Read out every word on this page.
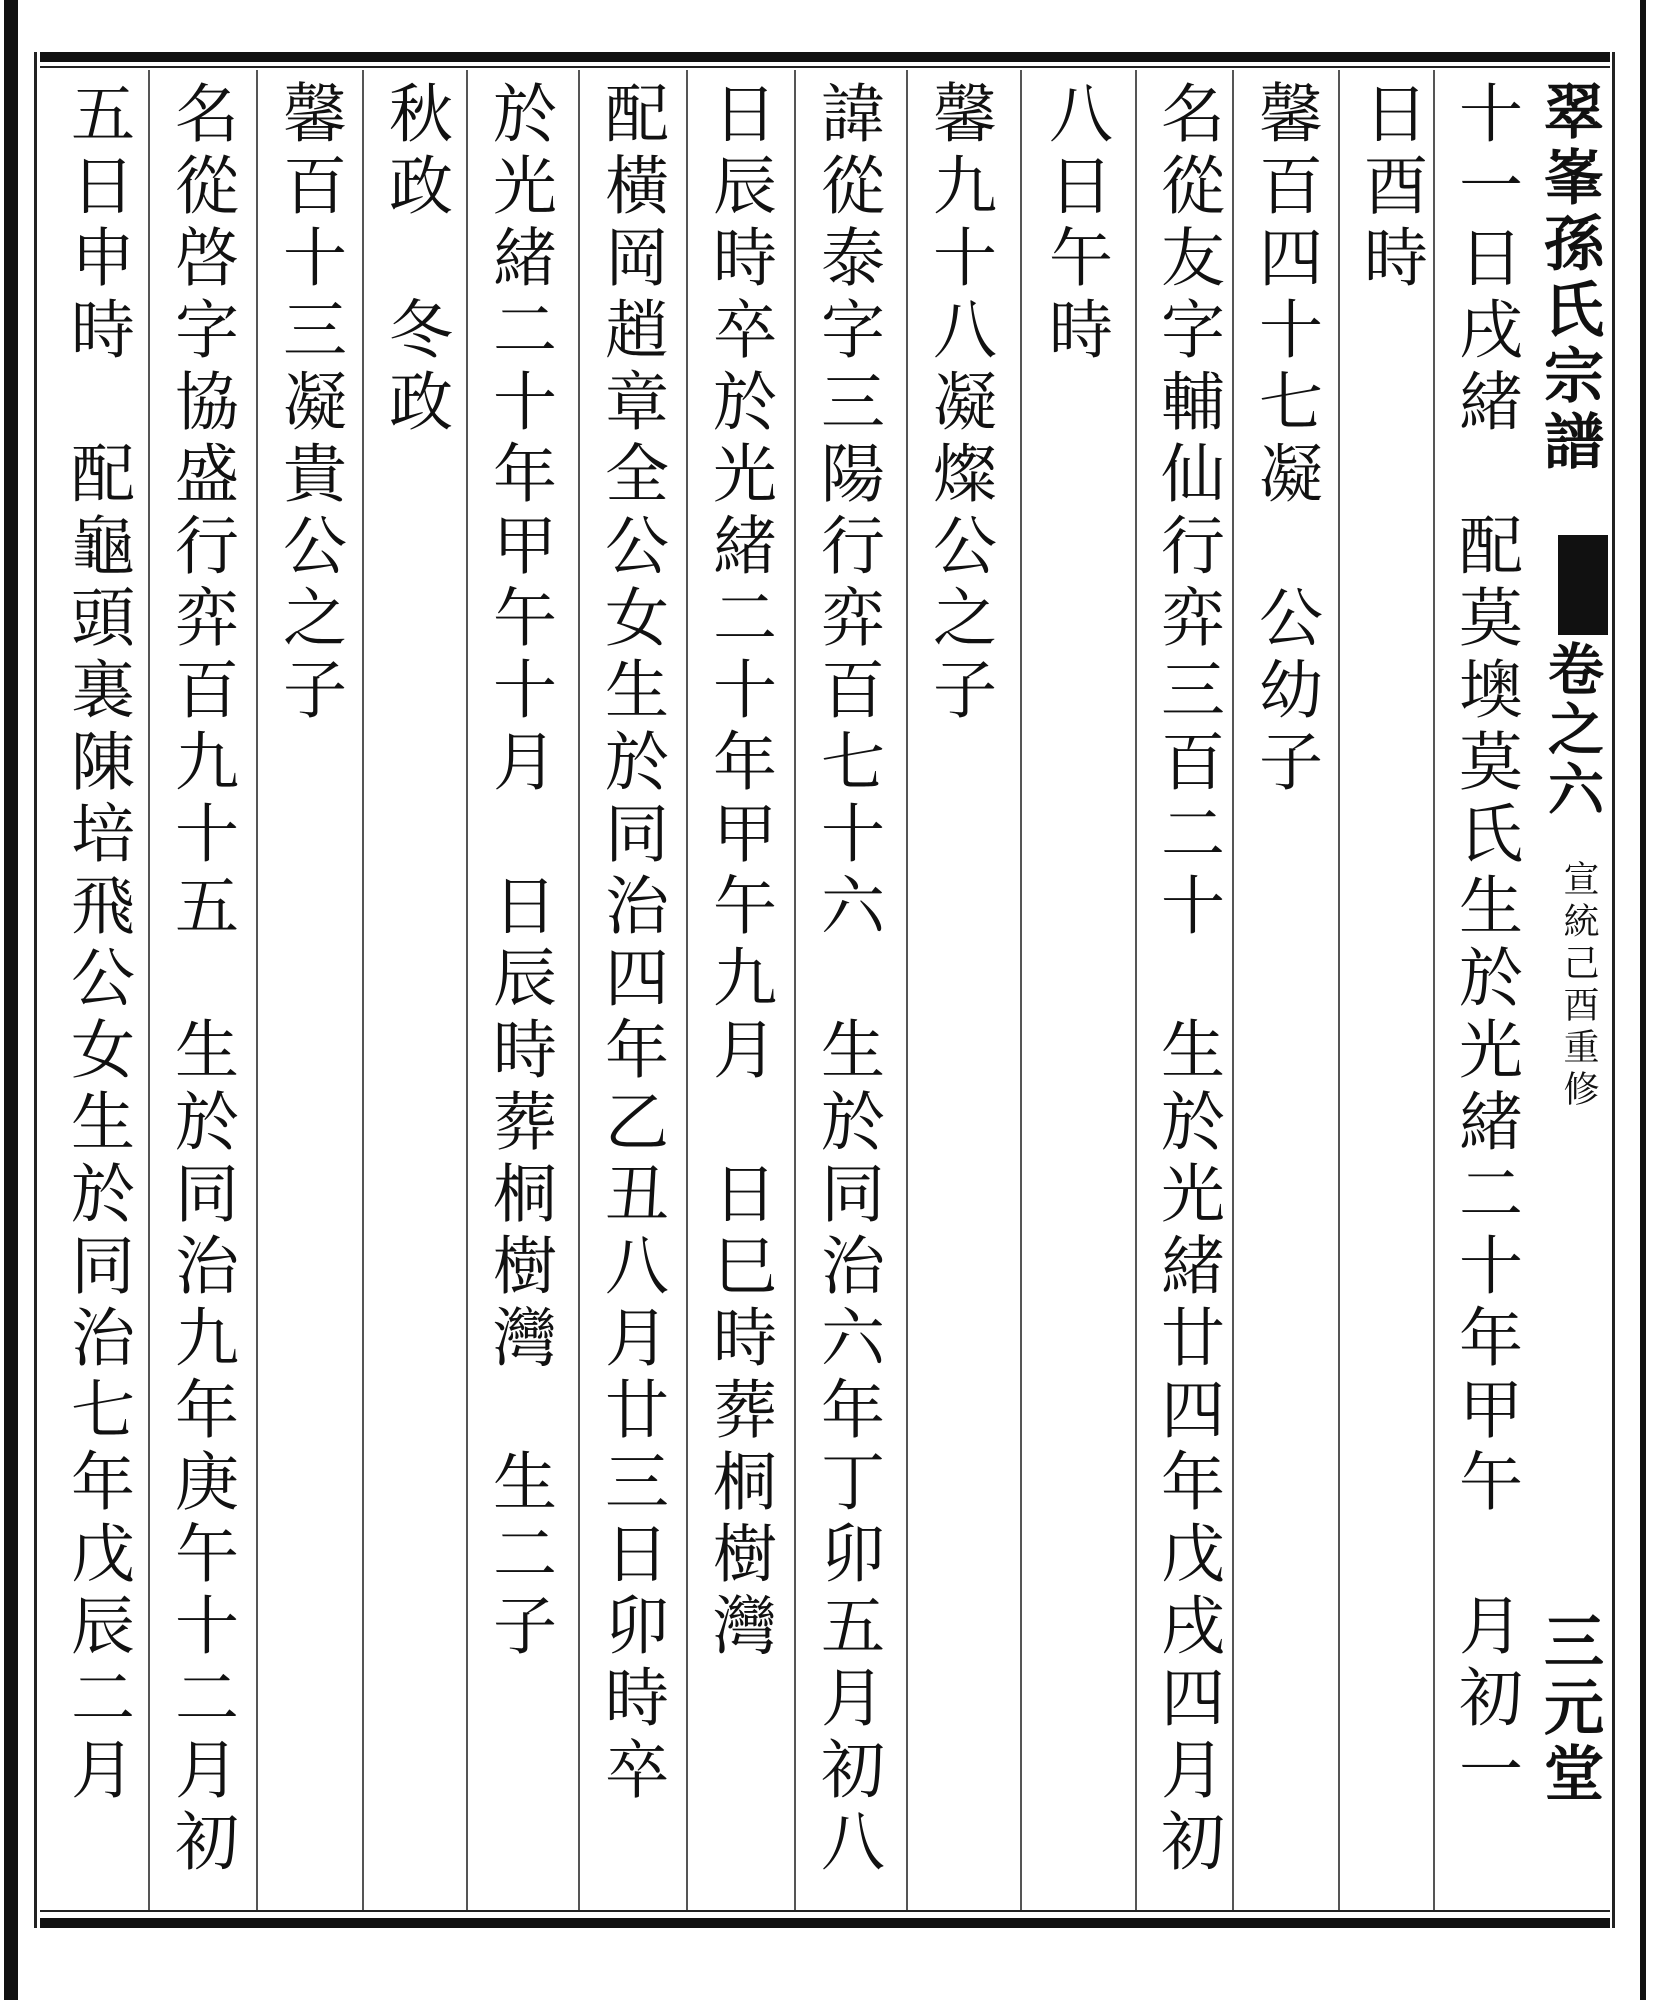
翠峯孫氏宗譜
卷之六
宣統己酉重修
三元堂
十一日戌緒　配莫墺莫氏生於光緒二十年甲午　月初一
日酉時
馨百四十七凝　公幼子
名從友字輔仙行弈三百二十　生於光緒廿四年戊戌四月初
八日午時
馨九十八凝燦公之子
諱從泰字三陽行弈百七十六　生於同治六年丁卯五月初八
日辰時卒於光緒二十年甲午九月　日巳時葬桐樹灣
配橫岡趙章全公女生於同治四年乙丑八月廿三日卯時卒
於光緒二十年甲午十月　日辰時葬桐樹灣　生二子
秋政　冬政
馨百十三凝貴公之子
名從啓字協盛行弈百九十五　生於同治九年庚午十二月初
五日申時　配龜頭裏陳培飛公女生於同治七年戊辰二月
